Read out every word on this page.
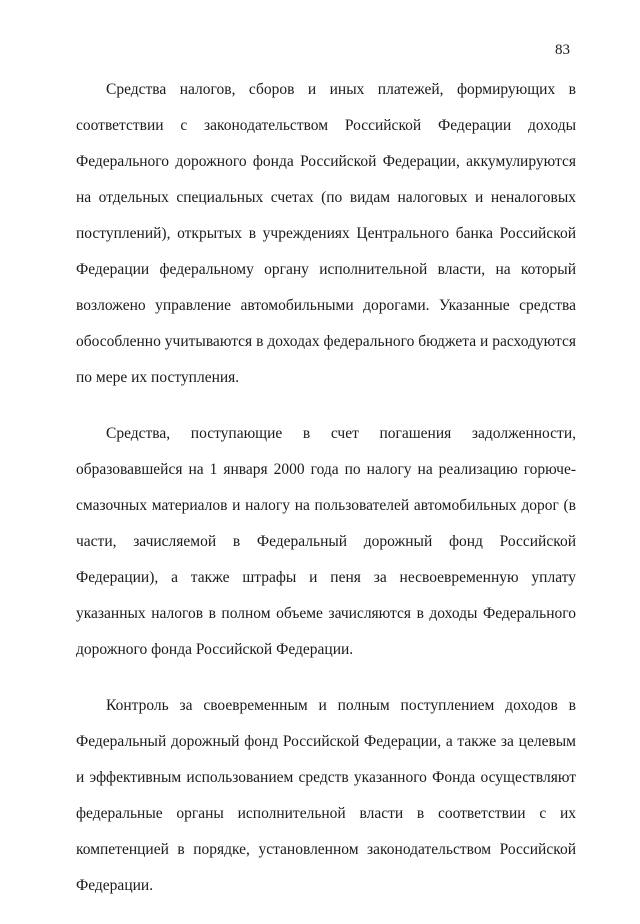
83

Средства налогов, сборов и иных платежей, формирующих в соответствии с законодательством Российской Федерации доходы Федерального дорожного фонда Российской Федерации, аккумулируются на отдельных специальных счетах (по видам налоговых и неналоговых поступлений), открытых в учреждениях Центрального банка Российской Федерации федеральному органу исполнительной власти, на который возложено управление автомобильными дорогами. Указанные средства обособленно учитываются в доходах федерального бюджета и расходуются по мере их поступления.

Средства, поступающие в счет погашения задолженности, образовавшейся на 1 января 2000 года по налогу на реализацию горюче-смазочных материалов и налогу на пользователей автомобильных дорог (в части, зачисляемой в Федеральный дорожный фонд Российской Федерации), а также штрафы и пеня за несвоевременную уплату указанных налогов в полном объеме зачисляются в доходы Федерального дорожного фонда Российской Федерации.

Контроль за своевременным и полным поступлением доходов в Федеральный дорожный фонд Российской Федерации, а также за целевым и эффективным использованием средств указанного Фонда осуществляют федеральные органы исполнительной власти в соответствии с их компетенцией в порядке, установленном законодательством Российской Федерации.
